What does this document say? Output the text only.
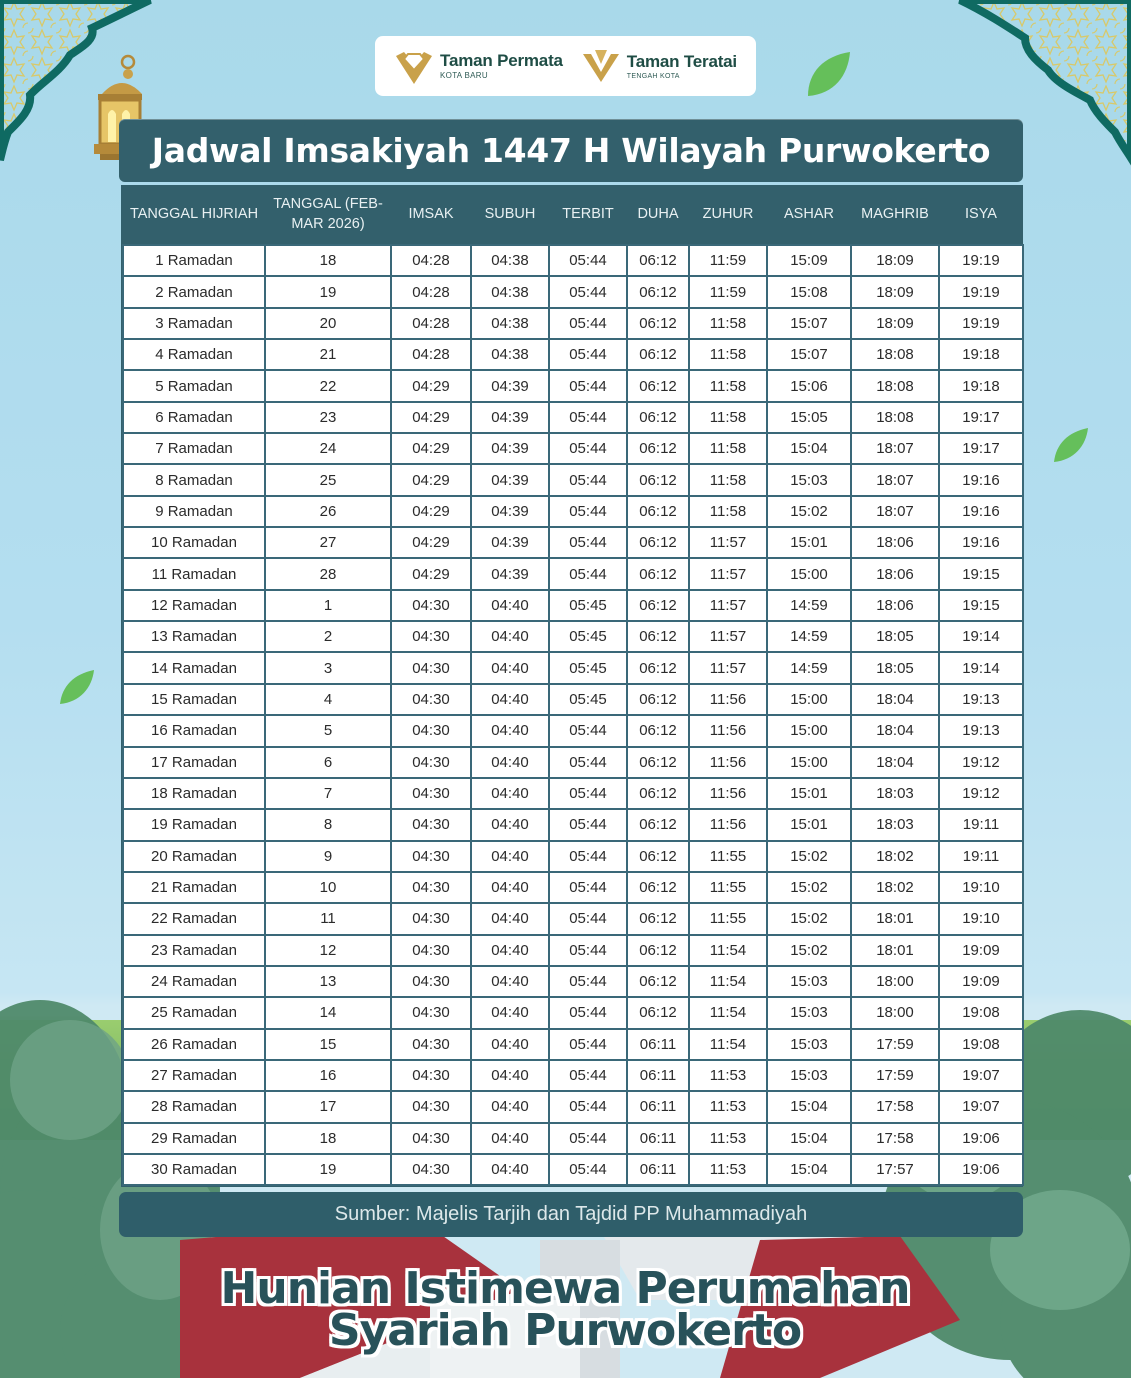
Taman Permata
KOTA BARU
Taman Teratai
TENGAH KOTA
Jadwal Imsakiyah 1447 H Wilayah Purwokerto
TANGGAL HIJRIAH	TANGGAL (FEB-MAR 2026)	IMSAK	SUBUH	TERBIT	DUHA	ZUHUR	ASHAR	MAGHRIB	ISYA
1 Ramadan	18	04:28	04:38	05:44	06:12	11:59	15:09	18:09	19:19
2 Ramadan	19	04:28	04:38	05:44	06:12	11:59	15:08	18:09	19:19
3 Ramadan	20	04:28	04:38	05:44	06:12	11:58	15:07	18:09	19:19
4 Ramadan	21	04:28	04:38	05:44	06:12	11:58	15:07	18:08	19:18
5 Ramadan	22	04:29	04:39	05:44	06:12	11:58	15:06	18:08	19:18
6 Ramadan	23	04:29	04:39	05:44	06:12	11:58	15:05	18:08	19:17
7 Ramadan	24	04:29	04:39	05:44	06:12	11:58	15:04	18:07	19:17
8 Ramadan	25	04:29	04:39	05:44	06:12	11:58	15:03	18:07	19:16
9 Ramadan	26	04:29	04:39	05:44	06:12	11:58	15:02	18:07	19:16
10 Ramadan	27	04:29	04:39	05:44	06:12	11:57	15:01	18:06	19:16
11 Ramadan	28	04:29	04:39	05:44	06:12	11:57	15:00	18:06	19:15
12 Ramadan	1	04:30	04:40	05:45	06:12	11:57	14:59	18:06	19:15
13 Ramadan	2	04:30	04:40	05:45	06:12	11:57	14:59	18:05	19:14
14 Ramadan	3	04:30	04:40	05:45	06:12	11:57	14:59	18:05	19:14
15 Ramadan	4	04:30	04:40	05:45	06:12	11:56	15:00	18:04	19:13
16 Ramadan	5	04:30	04:40	05:44	06:12	11:56	15:00	18:04	19:13
17 Ramadan	6	04:30	04:40	05:44	06:12	11:56	15:00	18:04	19:12
18 Ramadan	7	04:30	04:40	05:44	06:12	11:56	15:01	18:03	19:12
19 Ramadan	8	04:30	04:40	05:44	06:12	11:56	15:01	18:03	19:11
20 Ramadan	9	04:30	04:40	05:44	06:12	11:55	15:02	18:02	19:11
21 Ramadan	10	04:30	04:40	05:44	06:12	11:55	15:02	18:02	19:10
22 Ramadan	11	04:30	04:40	05:44	06:12	11:55	15:02	18:01	19:10
23 Ramadan	12	04:30	04:40	05:44	06:12	11:54	15:02	18:01	19:09
24 Ramadan	13	04:30	04:40	05:44	06:12	11:54	15:03	18:00	19:09
25 Ramadan	14	04:30	04:40	05:44	06:12	11:54	15:03	18:00	19:08
26 Ramadan	15	04:30	04:40	05:44	06:11	11:54	15:03	17:59	19:08
27 Ramadan	16	04:30	04:40	05:44	06:11	11:53	15:03	17:59	19:07
28 Ramadan	17	04:30	04:40	05:44	06:11	11:53	15:04	17:58	19:07
29 Ramadan	18	04:30	04:40	05:44	06:11	11:53	15:04	17:58	19:06
30 Ramadan	19	04:30	04:40	05:44	06:11	11:53	15:04	17:57	19:06
Sumber: Majelis Tarjih dan Tajdid PP Muhammadiyah
Hunian Istimewa Perumahan
Syariah Purwokerto
